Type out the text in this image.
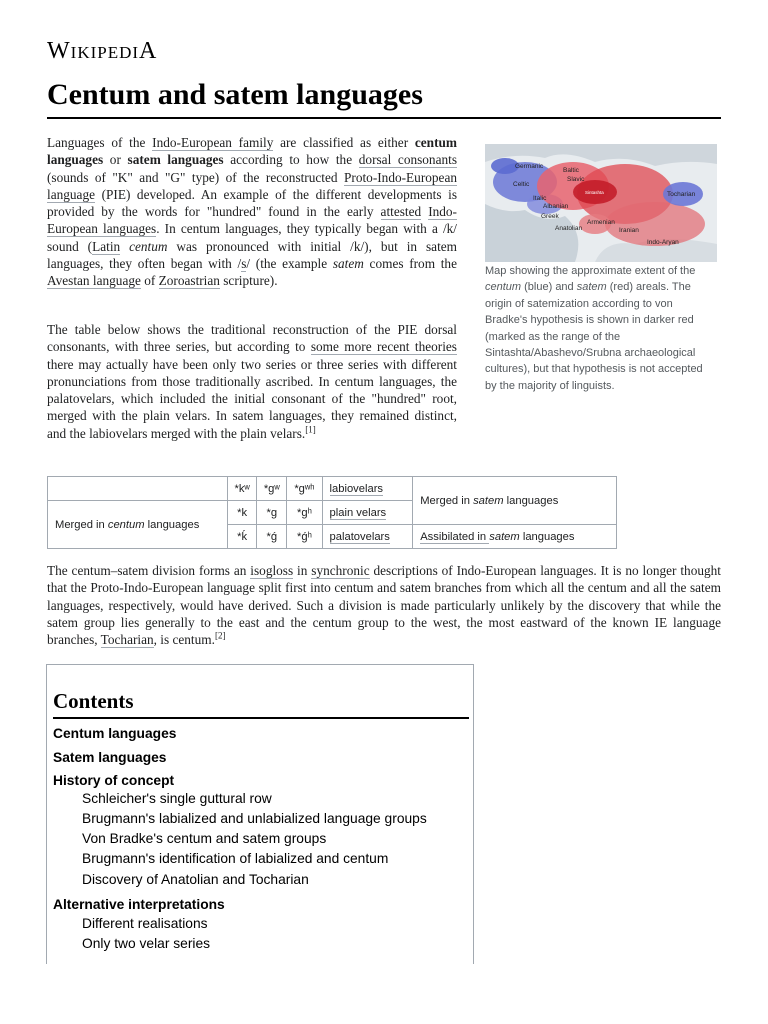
WIKIPEDIA
Centum and satem languages

Languages of the Indo-European family are classified as either centum languages or satem languages according to how the dorsal consonants (sounds of "K" and "G" type) of the reconstructed Proto-Indo-European language (PIE) developed. An example of the different developments is provided by the words for "hundred" found in the early attested Indo-European languages. In centum languages, they typically began with a /k/ sound (Latin centum was pronounced with initial /k/), but in satem languages, they often began with /s/ (the example satem comes from the Avestan language of Zoroastrian scripture).

Germanic
Baltic
Slavic
Celtic
Italic
Albanian
Greek
Armenian
Anatolian	Iranian
Indo-Aryan
Tocharian
Sintashta
Map showing the approximate extent of the centum (blue) and satem (red) areals. The origin of satemization according to von Bradke's hypothesis is shown in darker red (marked as the range of the Sintashta/Abashevo/Srubna archaeological cultures), but that hypothesis is not accepted by the majority of linguists.

The table below shows the traditional reconstruction of the PIE dorsal consonants, with three series, but according to some more recent theories there may actually have been only two series or three series with different pronunciations from those traditionally ascribed. In centum languages, the palatovelars, which included the initial consonant of the "hundred" root, merged with the plain velars. In satem languages, they remained distinct, and the labiovelars merged with the plain velars.[1]

	*kʷ	*gʷ	*gʷʰ	labiovelars	Merged in satem languages
Merged in centum languages	*k	*g	*gʰ	plain velars	
	*ḱ	*ǵ	*ǵʰ	palatovelars	Assibilated in satem languages

The centum–satem division forms an isogloss in synchronic descriptions of Indo-European languages. It is no longer thought that the Proto-Indo-European language split first into centum and satem branches from which all the centum and all the satem languages, respectively, would have derived. Such a division is made particularly unlikely by the discovery that while the satem group lies generally to the east and the centum group to the west, the most eastward of the known IE language branches, Tocharian, is centum.[2]

Contents
Centum languages
Satem languages
History of concept
Schleicher's single guttural row
Brugmann's labialized and unlabialized language groups
Von Bradke's centum and satem groups
Brugmann's identification of labialized and centum
Discovery of Anatolian and Tocharian
Alternative interpretations
Different realisations
Only two velar series
